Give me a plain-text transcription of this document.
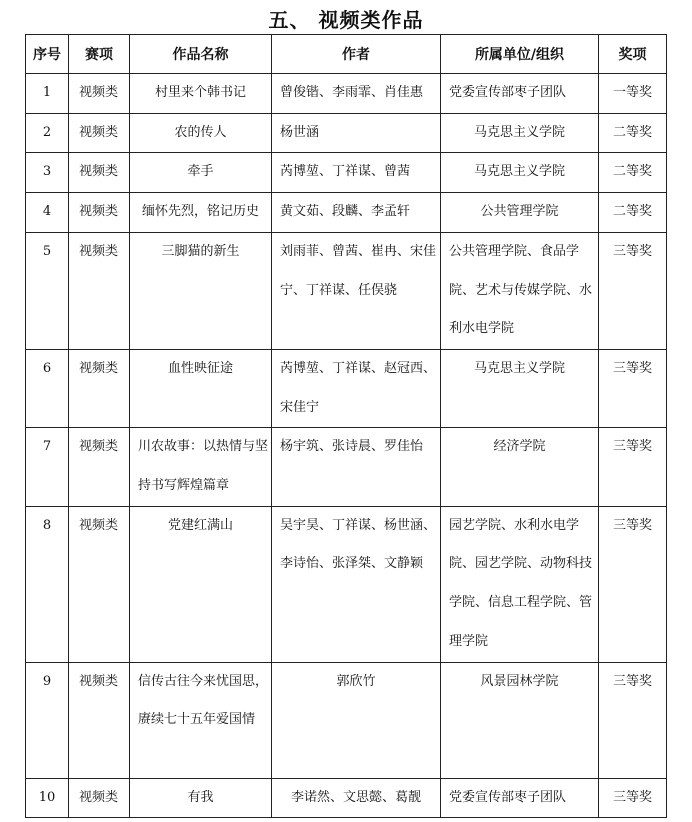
五、 视频类作品
序号	赛项	作品名称	作者	所属单位/组织	奖项

1	视频类	村里来个韩书记	曾俊锴、李雨霏、肖佳惠	党委宣传部枣子团队	一等奖

2	视频类	农的传人	杨世涵	马克思主义学院	二等奖

3	视频类	牵手	芮博堃、丁祥谋、曾茜	马克思主义学院	二等奖

4	视频类	缅怀先烈，铭记历史	黄文茹、段麟、李孟轩	公共管理学院	二等奖

5	视频类	三脚猫的新生	刘雨菲、曾茜、崔冉、宋佳宁、丁祥谋、任俣骁	公共管理学院、食品学院、艺术与传媒学院、水利水电学院	三等奖

6	视频类	血性映征途	芮博堃、丁祥谋、赵冠西、宋佳宁	马克思主义学院	三等奖

7	视频类	川农故事：以热情与坚持书写辉煌篇章	杨宇筑、张诗晨、罗佳怡	经济学院	三等奖

8	视频类	党建红满山	吴宇昊、丁祥谋、杨世涵、李诗怡、张泽桀、文静颖	园艺学院、水利水电学院、园艺学院、动物科技学院、信息工程学院、管理学院	三等奖

9	视频类	信传古往今来忧国思，赓续七十五年爱国情	郭欣竹	风景园林学院	三等奖

10	视频类	有我	李诺然、文思懿、葛靓	党委宣传部枣子团队	三等奖
